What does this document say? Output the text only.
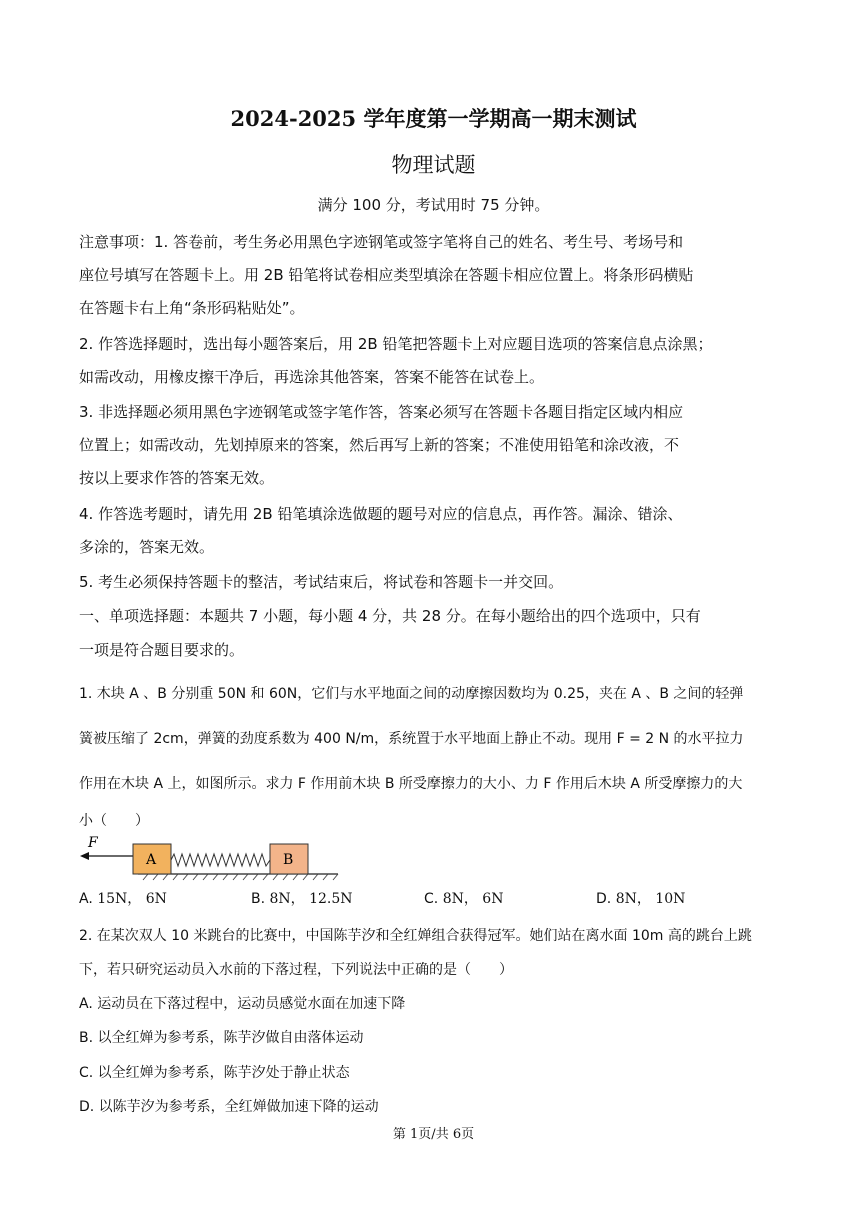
2024-2025 学年度第一学期高一期末测试
物理试题
满分 100 分，考试用时 75 分钟。
注意事项：1. 答卷前，考生务必用黑色字迹钢笔或签字笔将自己的姓名、考生号、考场号和
座位号填写在答题卡上。用 2B 铅笔将试卷相应类型填涂在答题卡相应位置上。将条形码横贴
在答题卡右上角“条形码粘贴处”。
2. 作答选择题时，选出每小题答案后，用 2B 铅笔把答题卡上对应题目选项的答案信息点涂黑；
如需改动，用橡皮擦干净后，再选涂其他答案，答案不能答在试卷上。
3. 非选择题必须用黑色字迹钢笔或签字笔作答，答案必须写在答题卡各题目指定区域内相应
位置上；如需改动，先划掉原来的答案，然后再写上新的答案；不准使用铅笔和涂改液，不
按以上要求作答的答案无效。
4. 作答选考题时，请先用 2B 铅笔填涂选做题的题号对应的信息点，再作答。漏涂、错涂、
多涂的，答案无效。
5. 考生必须保持答题卡的整洁，考试结束后，将试卷和答题卡一并交回。
一、单项选择题：本题共 7 小题，每小题 4 分，共 28 分。在每小题给出的四个选项中，只有
一项是符合题目要求的。
1. 木块 A 、B 分别重 50N 和 60N，它们与水平地面之间的动摩擦因数均为 0.25，夹在 A 、B 之间的轻弹
簧被压缩了 2cm，弹簧的劲度系数为 400 N/m，系统置于水平地面上静止不动。现用 F = 2 N 的水平拉力
作用在木块 A 上，如图所示。求力 F 作用前木块 B 所受摩擦力的大小、力 F 作用后木块 A 所受摩擦力的大
小（　　）
F
A	B
A. 15N， 6N	B. 8N， 12.5N	C. 8N， 6N	D. 8N， 10N
2. 在某次双人 10 米跳台的比赛中，中国陈芋汐和全红婵组合获得冠军。她们站在离水面 10m 高的跳台上跳
下，若只研究运动员入水前的下落过程，下列说法中正确的是（　　）
A. 运动员在下落过程中，运动员感觉水面在加速下降
B. 以全红婵为参考系，陈芋汐做自由落体运动
C. 以全红婵为参考系，陈芋汐处于静止状态
D. 以陈芋汐为参考系，全红婵做加速下降的运动
第 1页/共 6页
